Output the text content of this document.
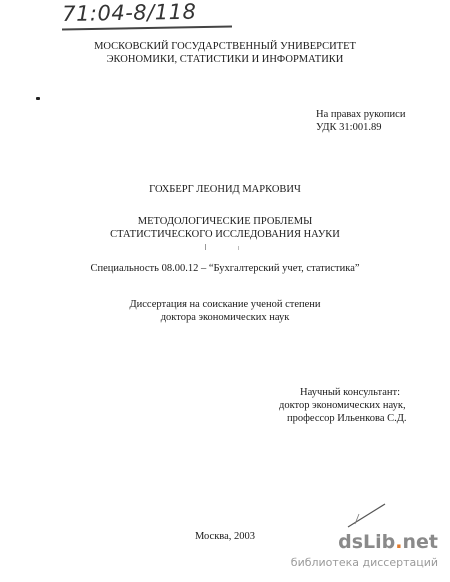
71:04-8/118
МОСКОВСКИЙ ГОСУДАРСТВЕННЫЙ УНИВЕРСИТЕТ
ЭКОНОМИКИ, СТАТИСТИКИ И ИНФОРМАТИКИ
На правах рукописи
УДК 31:001.89
ГОХБЕРГ ЛЕОНИД МАРКОВИЧ
МЕТОДОЛОГИЧЕСКИЕ ПРОБЛЕМЫ
СТАТИСТИЧЕСКОГО ИССЛЕДОВАНИЯ НАУКИ
Специальность 08.00.12 – “Бухгалтерский учет, статистика”
Диссертация на соискание ученой степени
доктора экономических наук
Научный консультант:
доктор экономических наук,
профессор Ильенкова С.Д.
Москва, 2003	dsLib.net
библиотека диссертаций
